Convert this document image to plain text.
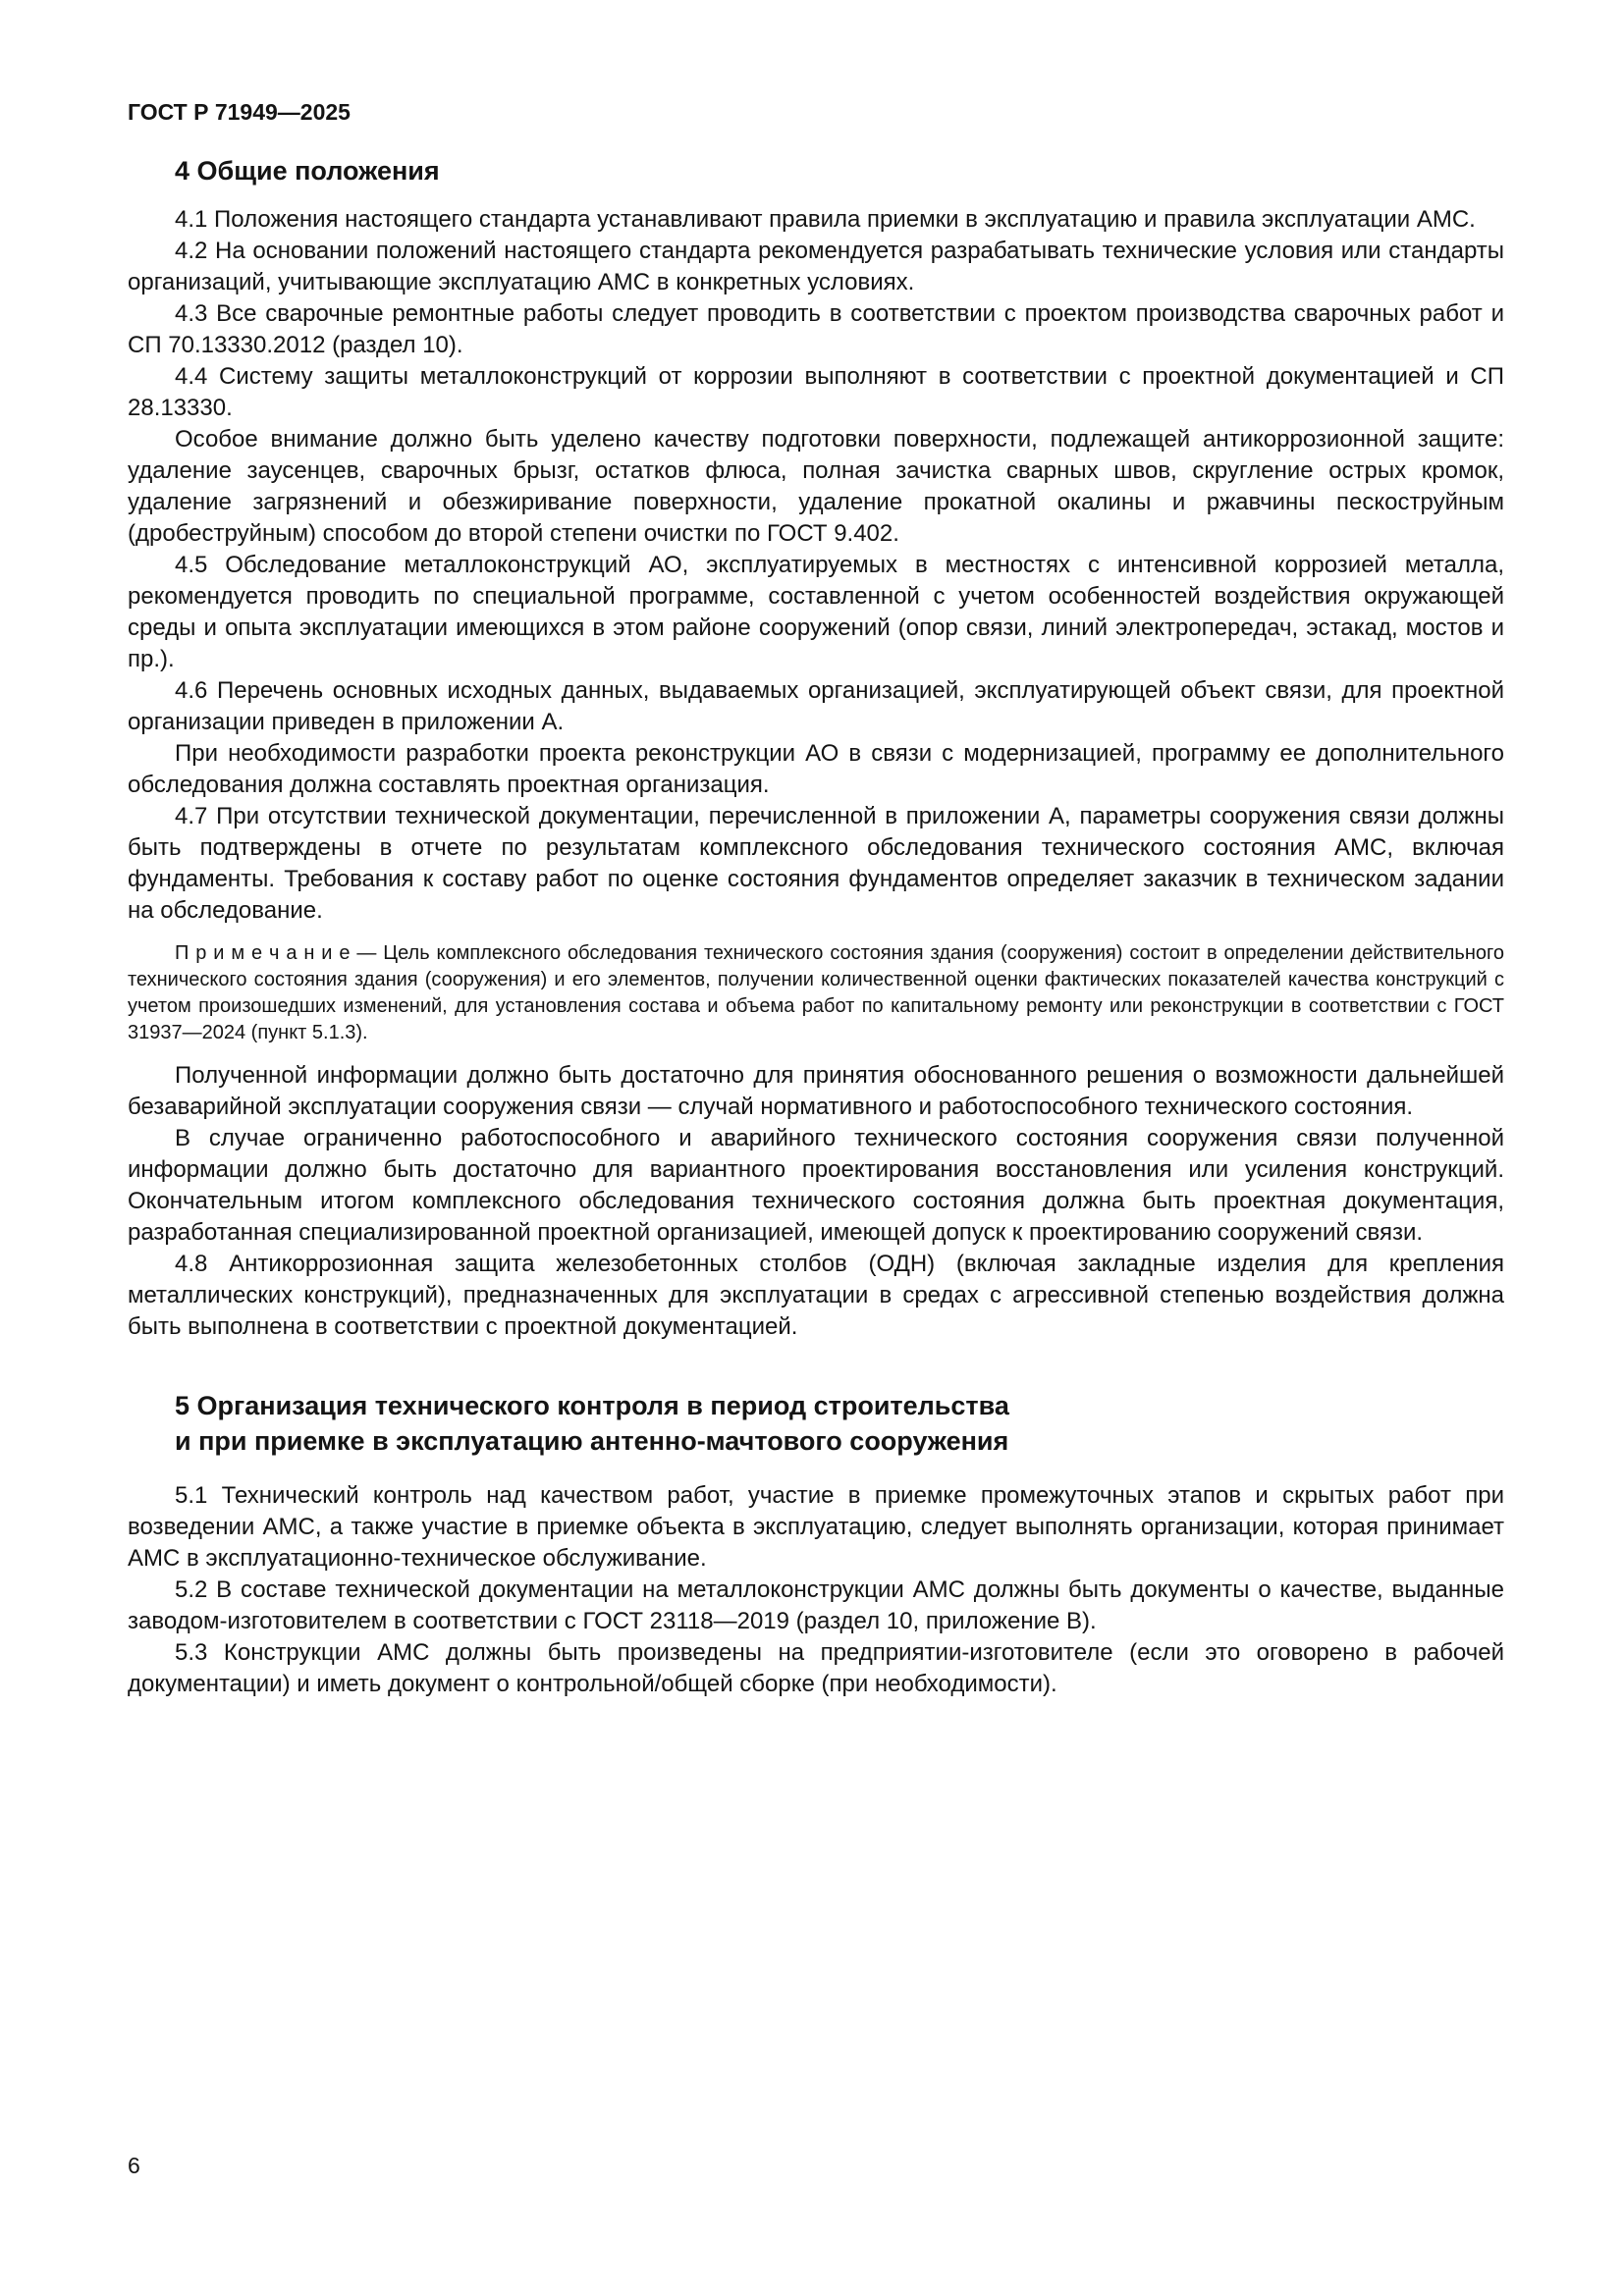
ГОСТ Р 71949—2025
4 Общие положения

4.1 Положения настоящего стандарта устанавливают правила приемки в эксплуатацию и правила эксплуатации АМС.

4.2 На основании положений настоящего стандарта рекомендуется разрабатывать технические условия или стандарты организаций, учитывающие эксплуатацию АМС в конкретных условиях.

4.3 Все сварочные ремонтные работы следует проводить в соответствии с проектом производства сварочных работ и СП 70.13330.2012 (раздел 10).

4.4 Систему защиты металлоконструкций от коррозии выполняют в соответствии с проектной документацией и СП 28.13330.

Особое внимание должно быть уделено качеству подготовки поверхности, подлежащей антикоррозионной защите: удаление заусенцев, сварочных брызг, остатков флюса, полная зачистка сварных швов, скругление острых кромок, удаление загрязнений и обезжиривание поверхности, удаление прокатной окалины и ржавчины пескоструйным (дробеструйным) способом до второй степени очистки по ГОСТ 9.402.

4.5 Обследование металлоконструкций АО, эксплуатируемых в местностях с интенсивной коррозией металла, рекомендуется проводить по специальной программе, составленной с учетом особенностей воздействия окружающей среды и опыта эксплуатации имеющихся в этом районе сооружений (опор связи, линий электропередач, эстакад, мостов и пр.).

4.6 Перечень основных исходных данных, выдаваемых организацией, эксплуатирующей объект связи, для проектной организации приведен в приложении А.

При необходимости разработки проекта реконструкции АО в связи с модернизацией, программу ее дополнительного обследования должна составлять проектная организация.

4.7 При отсутствии технической документации, перечисленной в приложении А, параметры сооружения связи должны быть подтверждены в отчете по результатам комплексного обследования технического состояния АМС, включая фундаменты. Требования к составу работ по оценке состояния фундаментов определяет заказчик в техническом задании на обследование.

П р и м е ч а н и е — Цель комплексного обследования технического состояния здания (сооружения) состоит в определении действительного технического состояния здания (сооружения) и его элементов, получении количественной оценки фактических показателей качества конструкций с учетом произошедших изменений, для установления состава и объема работ по капитальному ремонту или реконструкции в соответствии с ГОСТ 31937—2024 (пункт 5.1.3).

Полученной информации должно быть достаточно для принятия обоснованного решения о возможности дальнейшей безаварийной эксплуатации сооружения связи — случай нормативного и работоспособного технического состояния.

В случае ограниченно работоспособного и аварийного технического состояния сооружения связи полученной информации должно быть достаточно для вариантного проектирования восстановления или усиления конструкций. Окончательным итогом комплексного обследования технического состояния должна быть проектная документация, разработанная специализированной проектной организацией, имеющей допуск к проектированию сооружений связи.

4.8 Антикоррозионная защита железобетонных столбов (ОДН) (включая закладные изделия для крепления металлических конструкций), предназначенных для эксплуатации в средах с агрессивной степенью воздействия должна быть выполнена в соответствии с проектной документацией.

5 Организация технического контроля в период строительства
и при приемке в эксплуатацию антенно-мачтового сооружения

5.1 Технический контроль над качеством работ, участие в приемке промежуточных этапов и скрытых работ при возведении АМС, а также участие в приемке объекта в эксплуатацию, следует выполнять организации, которая принимает АМС в эксплуатационно-техническое обслуживание.

5.2 В составе технической документации на металлоконструкции АМС должны быть документы о качестве, выданные заводом-изготовителем в соответствии с ГОСТ 23118—2019 (раздел 10, приложение В).

5.3 Конструкции АМС должны быть произведены на предприятии-изготовителе (если это оговорено в рабочей документации) и иметь документ о контрольной/общей сборке (при необходимости).

6
